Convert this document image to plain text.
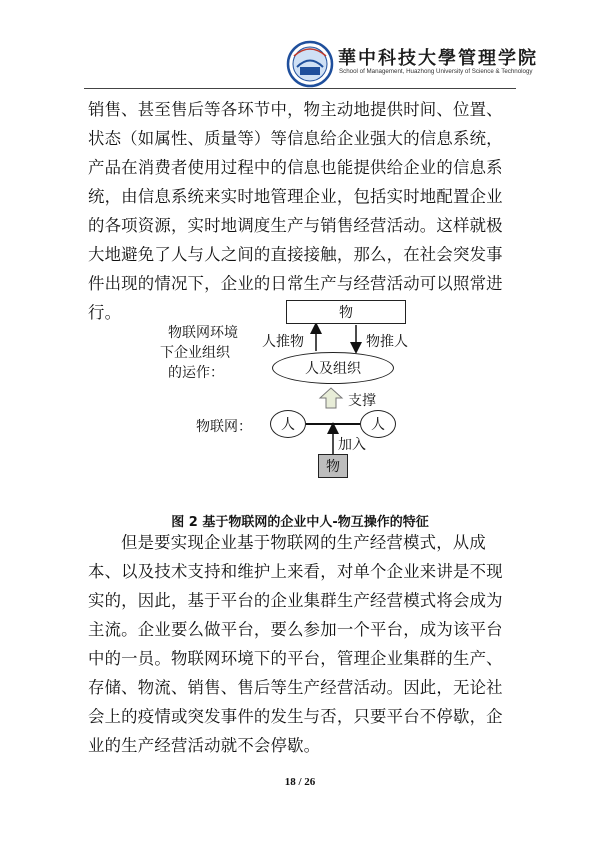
華中科技大學管理学院
School of Management, Huazhong University of Science & Technology

销售、甚至售后等各环节中，物主动地提供时间、位置、状态（如属性、质量等）等信息给企业强大的信息系统，产品在消费者使用过程中的信息也能提供给企业的信息系统，由信息系统来实时地管理企业，包括实时地配置企业的各项资源，实时地调度生产与销售经营活动。这样就极大地避免了人与人之间的直接接触，那么，在社会突发事件出现的情况下，企业的日常生产与经营活动可以照常进行。

物联网环境
下企业组织
的运作：
物
人推物	物推人
人及组织
支撑
物联网：	人	人
加入
物
图 2 基于物联网的企业中人-物互操作的特征

但是要实现企业基于物联网的生产经营模式，从成本、以及技术支持和维护上来看，对单个企业来讲是不现实的，因此，基于平台的企业集群生产经营模式将会成为主流。企业要么做平台，要么参加一个平台，成为该平台中的一员。物联网环境下的平台，管理企业集群的生产、存储、物流、销售、售后等生产经营活动。因此，无论社会上的疫情或突发事件的发生与否，只要平台不停歇，企业的生产经营活动就不会停歇。

18 / 26
